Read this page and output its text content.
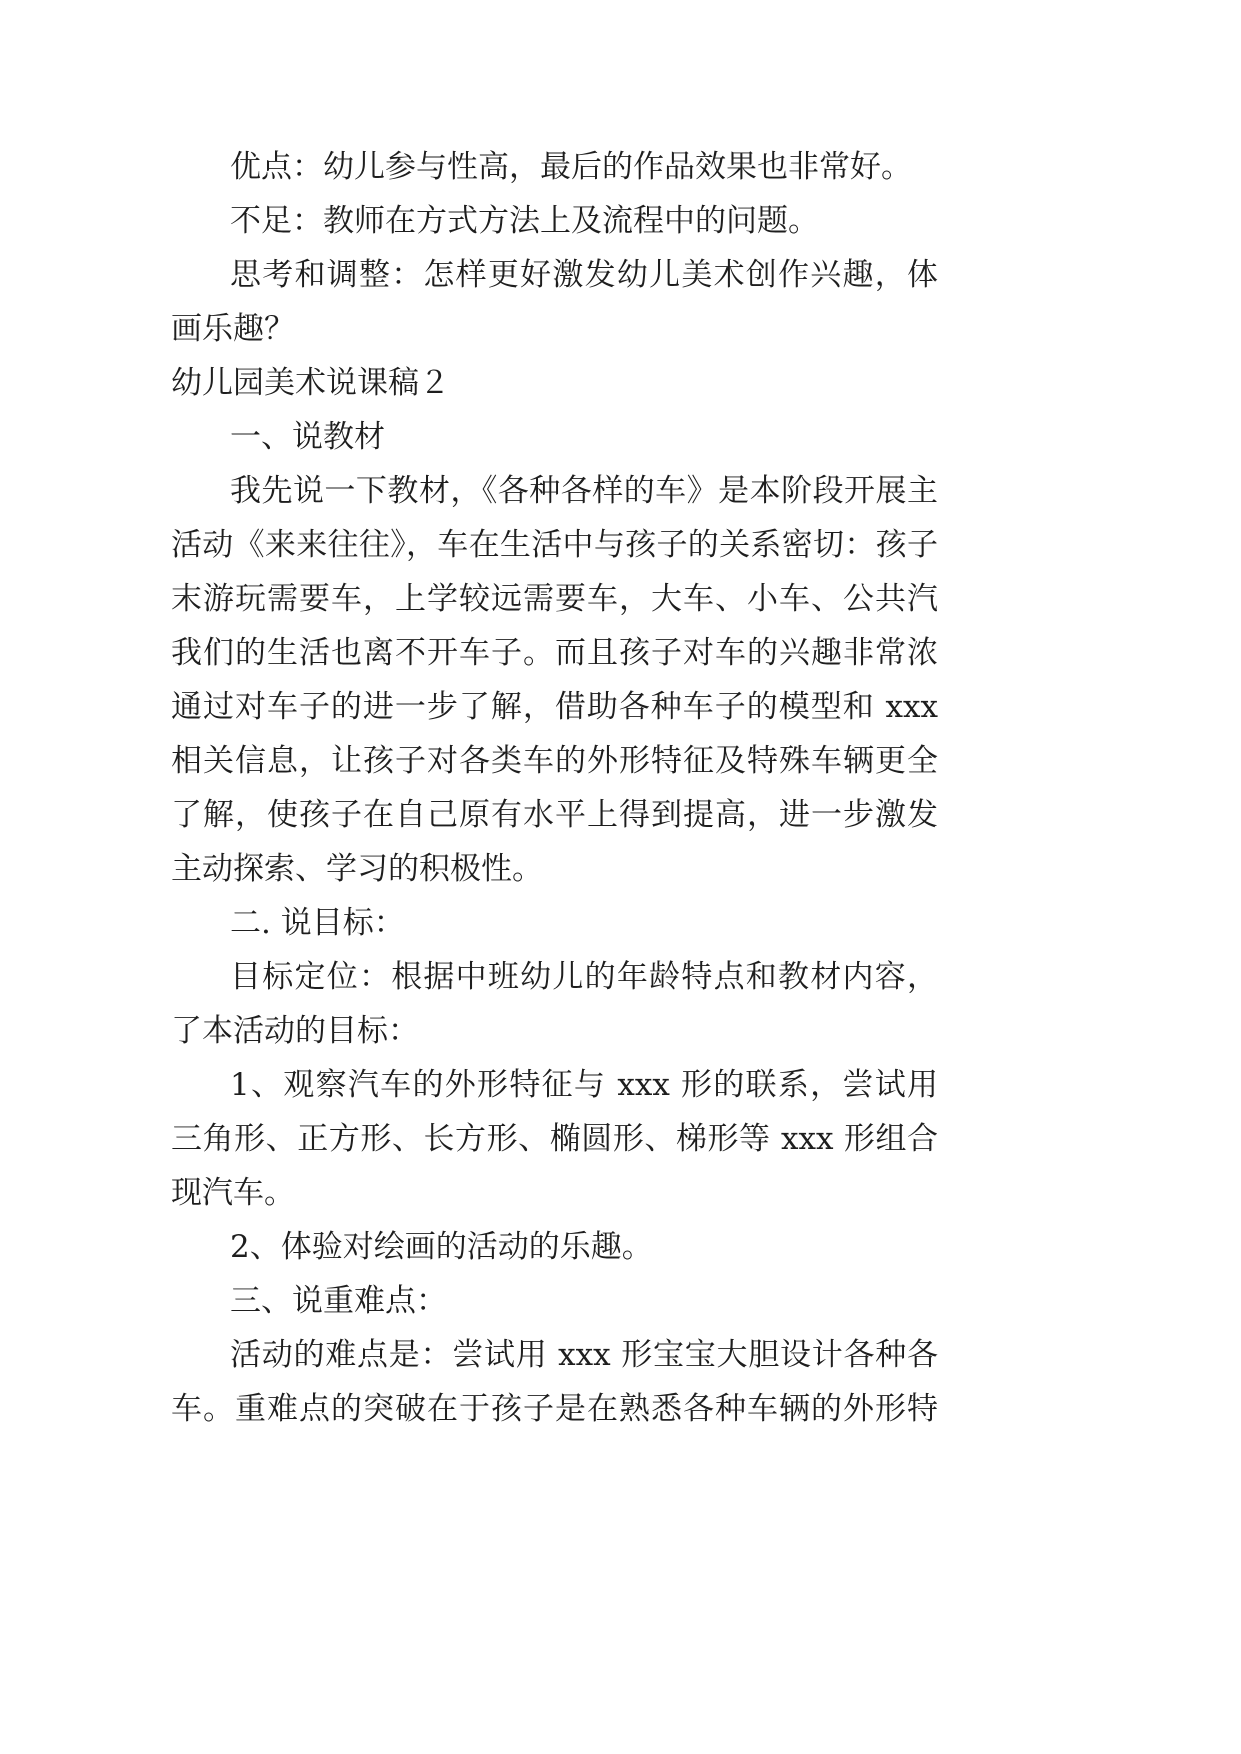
优点：幼儿参与性高，最后的作品效果也非常好。
不足：教师在方式方法上及流程中的问题。
思考和调整：怎样更好激发幼儿美术创作兴趣，体
画乐趣？
幼儿园美术说课稿２
一、说教材
我先说一下教材，《各种各样的车》是本阶段开展主
活动《来来往往》，车在生活中与孩子的关系密切：孩子
末游玩需要车，上学较远需要车，大车、小车、公共汽
我们的生活也离不开车子。而且孩子对车的兴趣非常浓
通过对车子的进一步了解，借助各种车子的模型和 xxx
相关信息，让孩子对各类车的外形特征及特殊车辆更全
了解，使孩子在自己原有水平上得到提高，进一步激发
主动探索、学习的积极性。
二. 说目标：
目标定位：根据中班幼儿的年龄特点和教材内容，
了本活动的目标：
1、观察汽车的外形特征与 xxx 形的联系，尝试用
三角形、正方形、长方形、椭圆形、梯形等 xxx 形组合
现汽车。
2、体验对绘画的活动的乐趣。
三、说重难点：
活动的难点是：尝试用 xxx 形宝宝大胆设计各种各
车。重难点的突破在于孩子是在熟悉各种车辆的外形特
